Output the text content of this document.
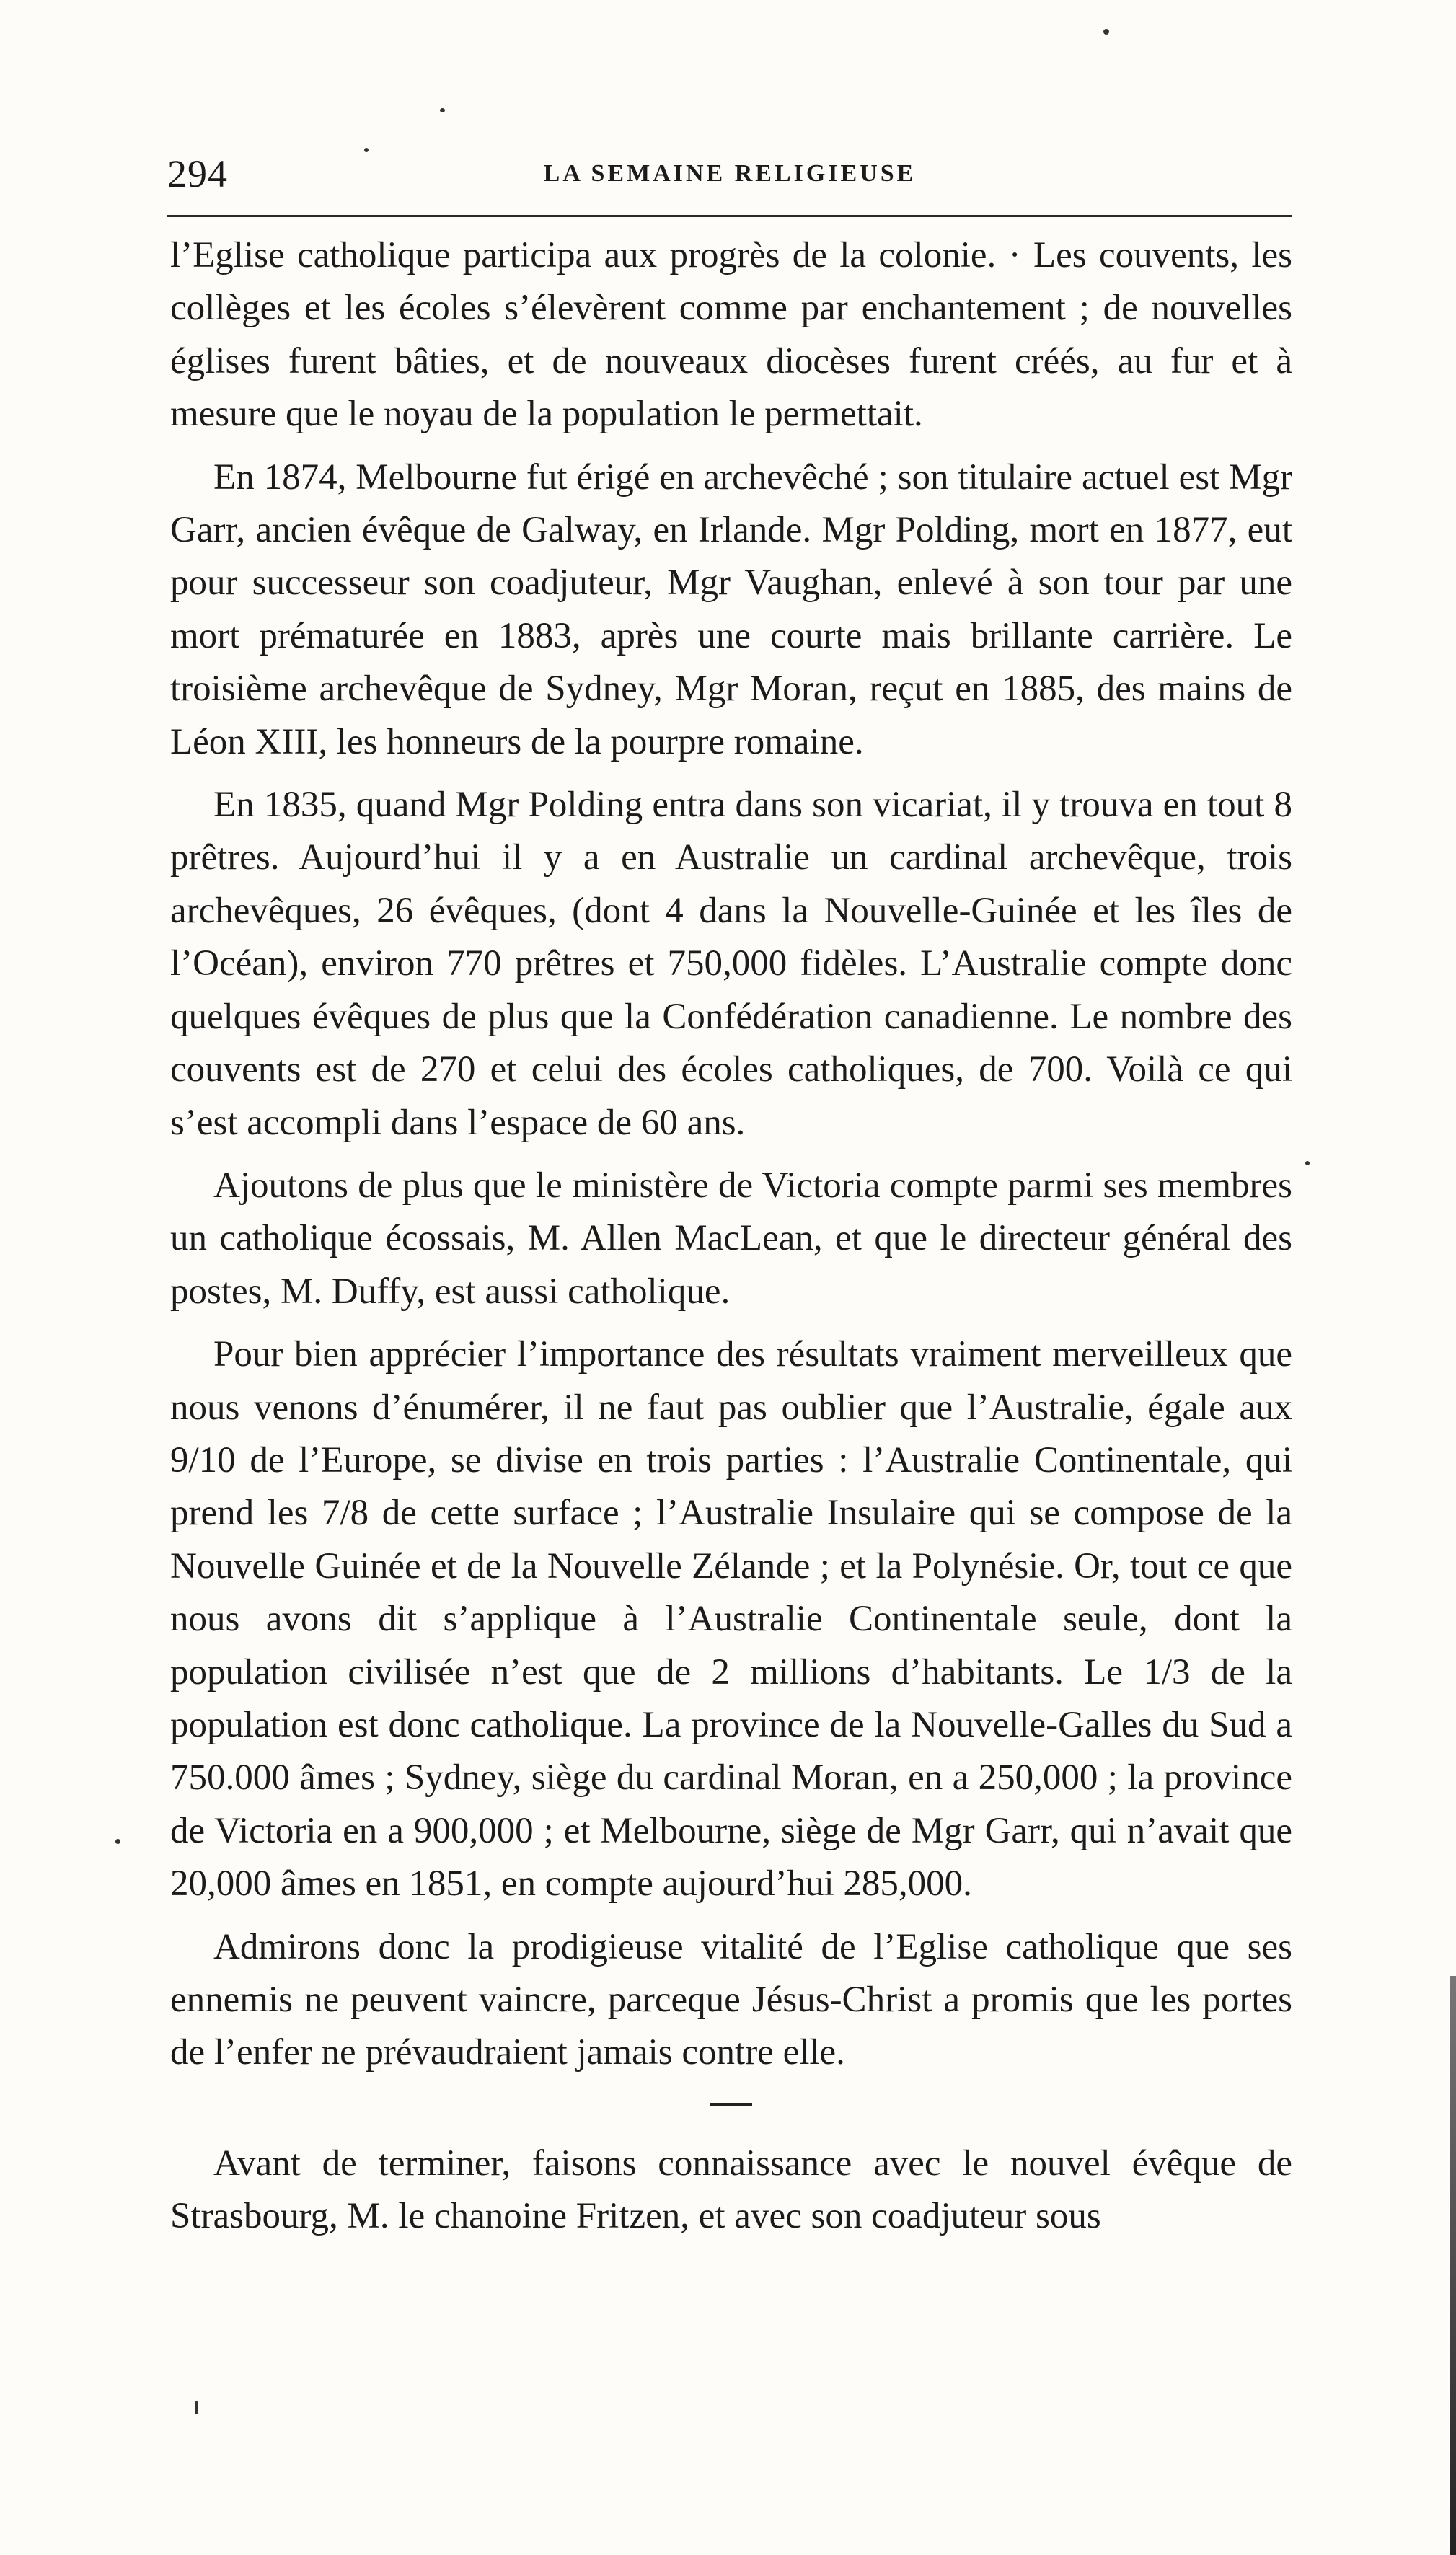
294	LA SEMAINE RELIGIEUSE

l’Eglise catholique participa aux progrès de la colonie. · Les couvents, les collèges et les écoles s’élevèrent comme par enchantement ; de nouvelles églises furent bâties, et de nouveaux diocèses furent créés, au fur et à mesure que le noyau de la population le permettait.

En 1874, Melbourne fut érigé en archevêché ; son titulaire actuel est Mgr Garr, ancien évêque de Galway, en Irlande. Mgr Polding, mort en 1877, eut pour successeur son coadjuteur, Mgr Vaughan, enlevé à son tour par une mort prématurée en 1883, après une courte mais brillante carrière. Le troisième archevêque de Sydney, Mgr Moran, reçut en 1885, des mains de Léon XIII, les honneurs de la pourpre romaine.

En 1835, quand Mgr Polding entra dans son vicariat, il y trouva en tout 8 prêtres. Aujourd’hui il y a en Australie un cardinal archevêque, trois archevêques, 26 évêques, (dont 4 dans la Nouvelle-Guinée et les îles de l’Océan), environ 770 prêtres et 750,000 fidèles. L’Australie compte donc quelques évêques de plus que la Confédération canadienne. Le nombre des couvents est de 270 et celui des écoles catholiques, de 700. Voilà ce qui s’est accompli dans l’espace de 60 ans.

Ajoutons de plus que le ministère de Victoria compte parmi ses membres un catholique écossais, M. Allen MacLean, et que le directeur général des postes, M. Duffy, est aussi catholique.

Pour bien apprécier l’importance des résultats vraiment merveilleux que nous venons d’énumérer, il ne faut pas oublier que l’Australie, égale aux 9/10 de l’Europe, se divise en trois parties : l’Australie Continentale, qui prend les 7/8 de cette surface ; l’Australie Insulaire qui se compose de la Nouvelle Guinée et de la Nouvelle Zélande ; et la Polynésie. Or, tout ce que nous avons dit s’applique à l’Australie Continentale seule, dont la population civilisée n’est que de 2 millions d’habitants. Le 1/3 de la population est donc catholique. La province de la Nouvelle-Galles du Sud a 750.000 âmes ; Sydney, siège du cardinal Moran, en a 250,000 ; la province de Victoria en a 900,000 ; et Melbourne, siège de Mgr Garr, qui n’avait que 20,000 âmes en 1851, en compte aujourd’hui 285,000.

Admirons donc la prodigieuse vitalité de l’Eglise catholique que ses ennemis ne peuvent vaincre, parceque Jésus-Christ a promis que les portes de l’enfer ne prévaudraient jamais contre elle.

Avant de terminer, faisons connaissance avec le nouvel évêque de Strasbourg, M. le chanoine Fritzen, et avec son coadjuteur sous
